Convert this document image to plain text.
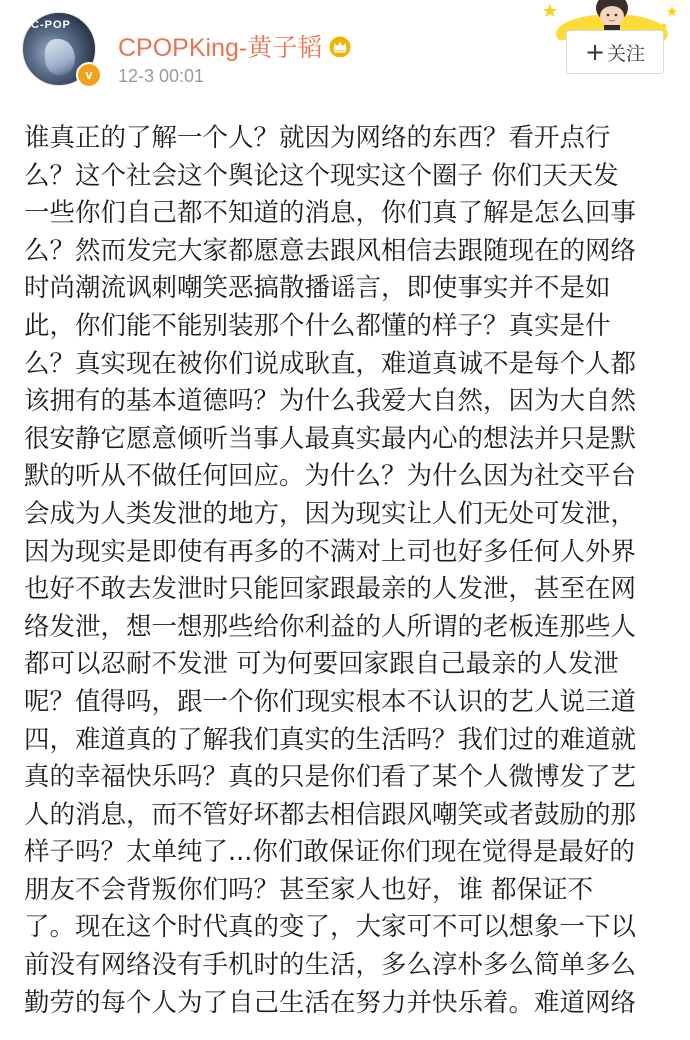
C-POP
v
CPOPKing-黄子韬
12-3 00:01
+ 关注
谁真正的了解一个人？就因为网络的东西？看开点行
么？这个社会这个舆论这个现实这个圈子 你们天天发
一些你们自己都不知道的消息，你们真了解是怎么回事
么？然而发完大家都愿意去跟风相信去跟随现在的网络
时尚潮流讽刺嘲笑恶搞散播谣言，即使事实并不是如
此，你们能不能别装那个什么都懂的样子？真实是什
么？真实现在被你们说成耿直，难道真诚不是每个人都
该拥有的基本道德吗？为什么我爱大自然，因为大自然
很安静它愿意倾听当事人最真实最内心的想法并只是默
默的听从不做任何回应。为什么？为什么因为社交平台
会成为人类发泄的地方，因为现实让人们无处可发泄，
因为现实是即使有再多的不满对上司也好多任何人外界
也好不敢去发泄时只能回家跟最亲的人发泄，甚至在网
络发泄，想一想那些给你利益的人所谓的老板连那些人
都可以忍耐不发泄 可为何要回家跟自己最亲的人发泄
呢？值得吗，跟一个你们现实根本不认识的艺人说三道
四，难道真的了解我们真实的生活吗？我们过的难道就
真的幸福快乐吗？真的只是你们看了某个人微博发了艺
人的消息，而不管好坏都去相信跟风嘲笑或者鼓励的那
样子吗？太单纯了...你们敢保证你们现在觉得是最好的
朋友不会背叛你们吗？甚至家人也好，谁 都保证不
了。现在这个时代真的变了，大家可不可以想象一下以
前没有网络没有手机时的生活，多么淳朴多么简单多么
勤劳的每个人为了自己生活在努力并快乐着。难道网络
